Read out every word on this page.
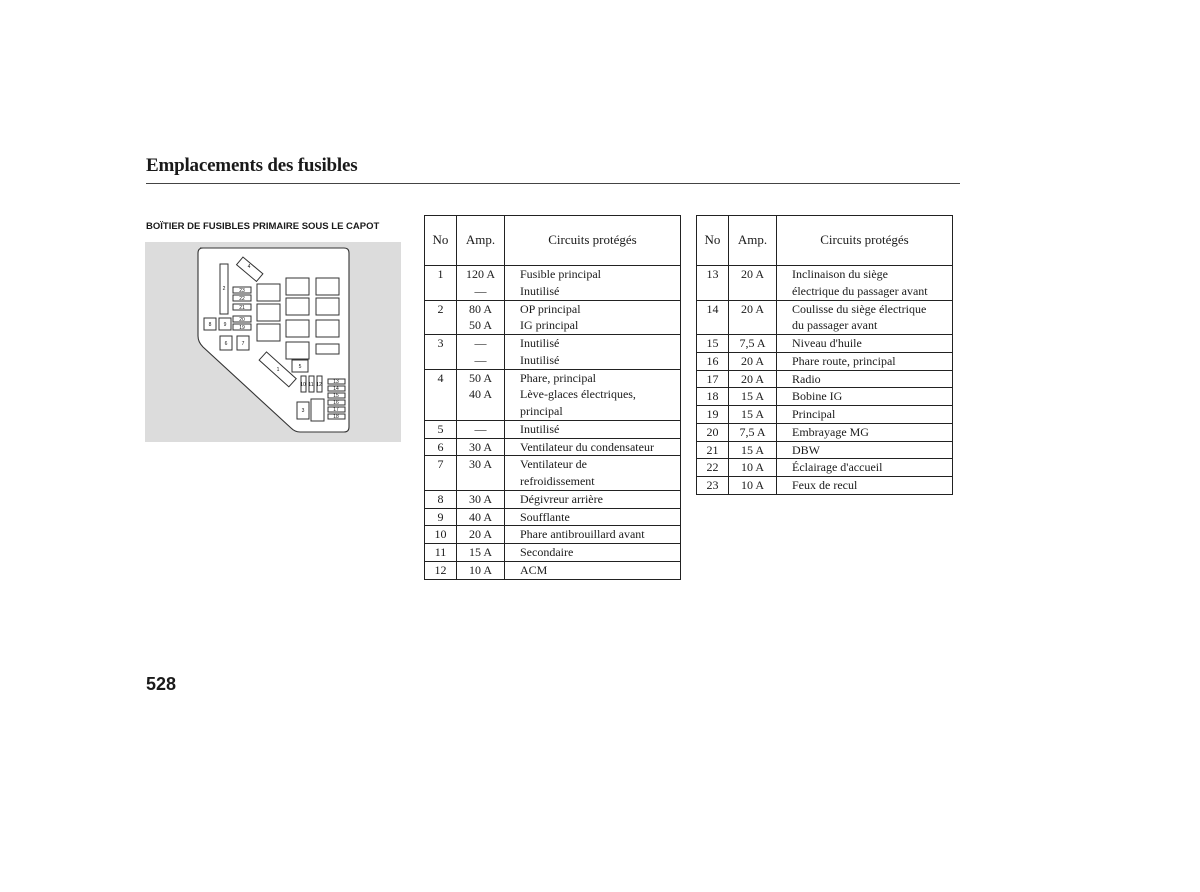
Emplacements des fusibles
BOÏTIER DE FUSIBLES PRIMAIRE SOUS LE CAPOT
2
4
23
22
21
20
19
8 9
6	7
5
1
3
10 11 12 13
14
15
16
17
18
No	Amp.	Circuits protégés
1	120 A	Fusible principal
	—	Inutilisé
2	80 A	OP principal
	50 A	IG principal
3	—	Inutilisé
	—	Inutilisé
4	50 A	Phare, principal
	40 A	Lève-glaces électriques,
		principal
5	—	Inutilisé
6	30 A	Ventilateur du condensateur
7	30 A	Ventilateur de
		refroidissement
8	30 A	Dégivreur arrière
9	40 A	Soufflante
10	20 A	Phare antibrouillard avant
11	15 A	Secondaire
12	10 A	ACM
No	Amp.	Circuits protégés
13	20 A	Inclinaison du siège
		électrique du passager avant
14	20 A	Coulisse du siège électrique
		du passager avant
15	7,5 A	Niveau d'huile
16	20 A	Phare route, principal
17	20 A	Radio
18	15 A	Bobine IG
19	15 A	Principal
20	7,5 A	Embrayage MG
21	15 A	DBW
22	10 A	Éclairage d'accueil
23	10 A	Feux de recul
528
